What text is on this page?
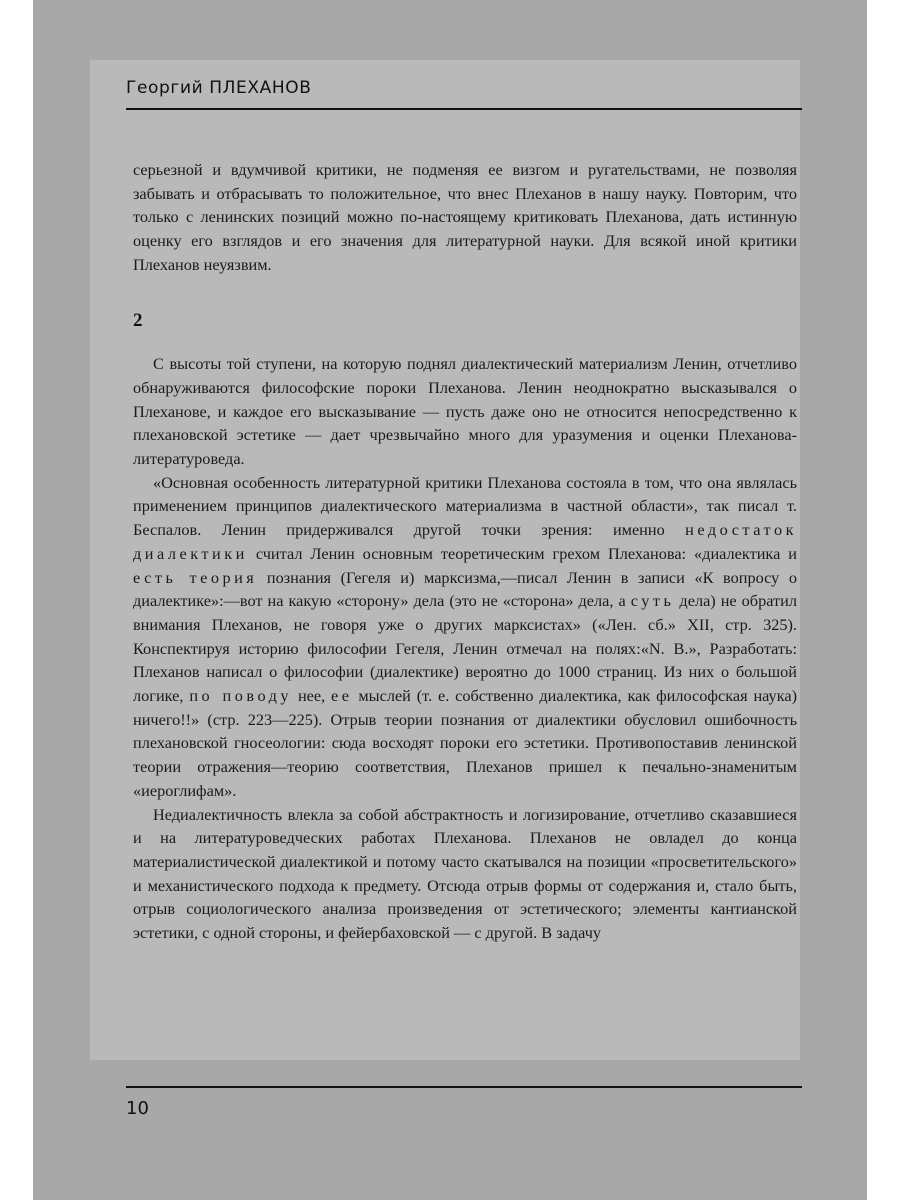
Георгий ПЛЕХАНОВ

серьезной и вдумчивой критики, не подменяя ее визгом и ругательствами, не позволяя забывать и отбрасывать то положительное, что внес Плеханов в нашу науку. Повторим, что только с ленинских позиций можно по-настоящему критиковать Плеханова, дать истинную оценку его взглядов и его значения для литературной науки. Для всякой иной критики Плеханов неуязвим.

2

С высоты той ступени, на которую поднял диалектический материализм Ленин, отчетливо обнаруживаются философские пороки Плеханова. Ленин неоднократно высказывался о Плеханове, и каждое его высказывание — пусть даже оно не относится непосредственно к плехановской эстетике — дает чрезвычайно много для уразумения и оценки Плеханова-литературоведа.

«Основная особенность литературной критики Плеханова состояла в том, что она являлась применением принципов диалектического материализма в частной области», так писал т. Беспалов. Ленин придерживался другой точки зрения: именно недостаток диалектики считал Ленин основным теоретическим грехом Плеханова: «диалектика и есть теория познания (Гегеля и) марксизма,—писал Ленин в записи «К вопросу о диалектике»:—вот на какую «сторону» дела (это не «сторона» дела, а суть дела) не обратил внимания Плеханов, не говоря уже о других марксистах» («Лен. сб.» XII, стр. 325). Конспектируя историю философии Гегеля, Ленин отмечал на полях:«N. B.», Разработать: Плеханов написал о философии (диалектике) вероятно до 1000 страниц. Из них о большой логике, по поводу нее, ее мыслей (т. е. собственно диалектика, как философская наука) ничего!!» (стр. 223—225). Отрыв теории познания от диалектики обусловил ошибочность плехановской гносеологии: сюда восходят пороки его эстетики. Противопоставив ленинской теории отражения—теорию соответствия, Плеханов пришел к печально-знаменитым «иероглифам».

Недиалектичность влекла за собой абстрактность и логизирование, отчетливо сказавшиеся и на литературоведческих работах Плеханова. Плеханов не овладел до конца материалистической диалектикой и потому часто скатывался на позиции «просветительского» и механистического подхода к предмету. Отсюда отрыв формы от содержания и, стало быть, отрыв социологического анализа произведения от эстетического; элементы кантианской эстетики, с одной стороны, и фейербаховской — с другой. В задачу

10
